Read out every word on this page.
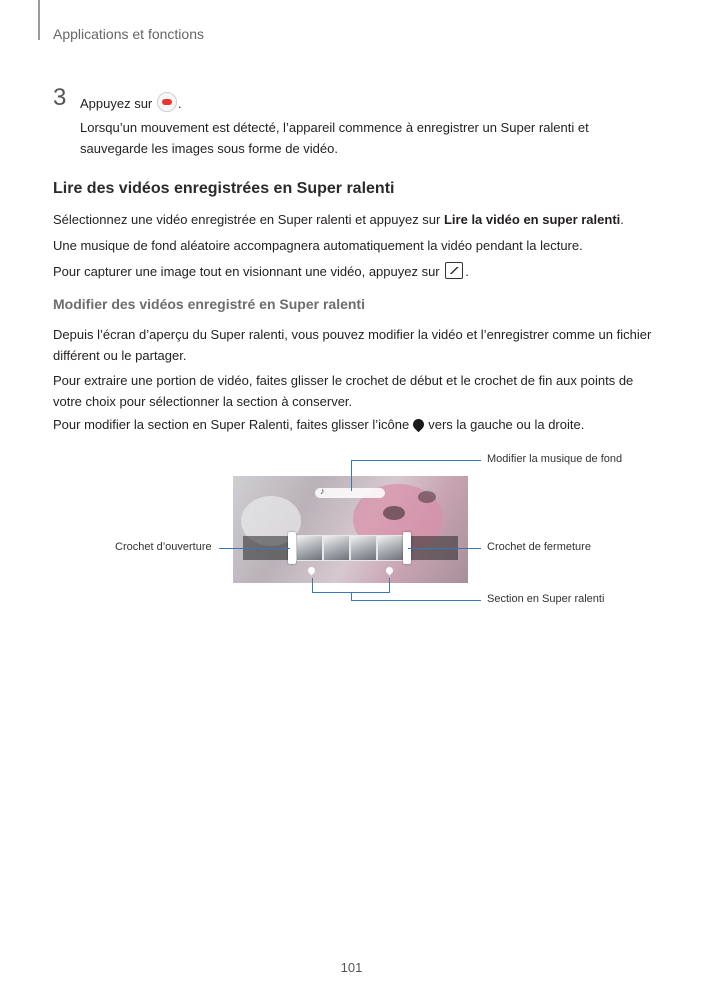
Applications et fonctions
3 Appuyez sur .
Lorsqu’un mouvement est détecté, l’appareil commence à enregistrer un Super ralenti et sauvegarde les images sous forme de vidéo.
Lire des vidéos enregistrées en Super ralenti
Sélectionnez une vidéo enregistrée en Super ralenti et appuyez sur Lire la vidéo en super ralenti.
Une musique de fond aléatoire accompagnera automatiquement la vidéo pendant la lecture.
Pour capturer une image tout en visionnant une vidéo, appuyez sur .
Modifier des vidéos enregistré en Super ralenti
Depuis l’écran d’aperçu du Super ralenti, vous pouvez modifier la vidéo et l’enregistrer comme un fichier différent ou le partager.
Pour extraire une portion de vidéo, faites glisser le crochet de début et le crochet de fin aux points de votre choix pour sélectionner la section à conserver.
Pour modifier la section en Super Ralenti, faites glisser l’icône vers la gauche ou la droite.
♪
Modifier la musique de fond
Crochet d’ouverture	Crochet de fermeture
Section en Super ralenti
101
